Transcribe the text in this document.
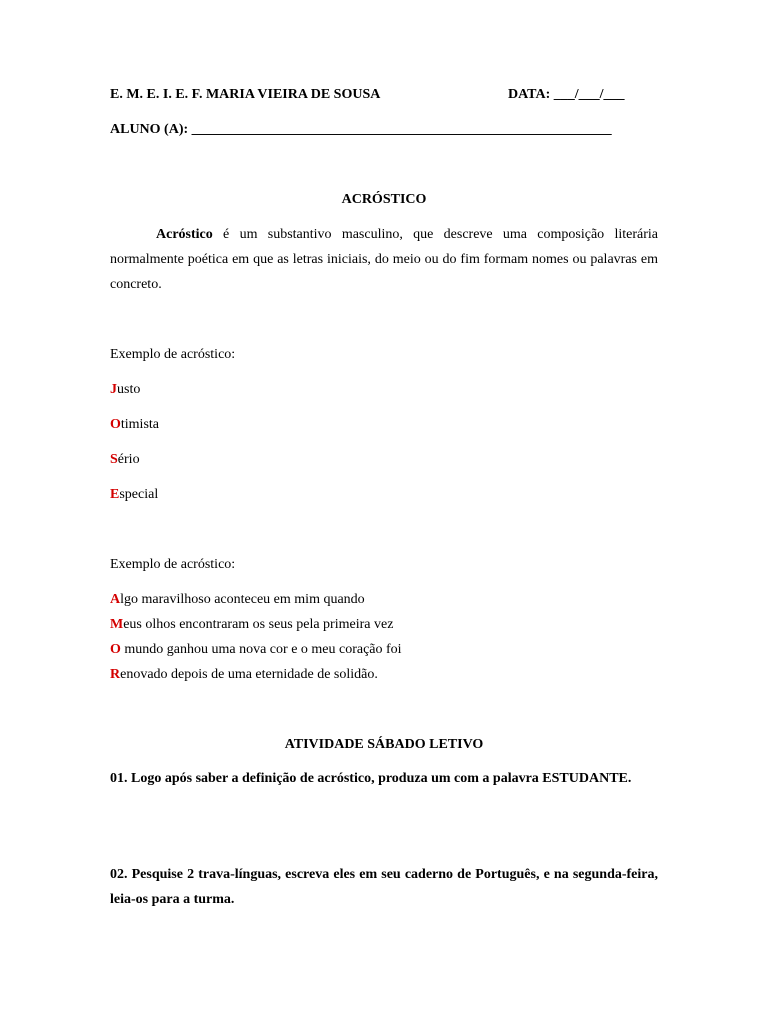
E. M. E. I. E. F. MARIA VIEIRA DE SOUSA	DATA: ___/___/___
ALUNO (A): ____________________________________________________________
ACRÓSTICO
Acróstico é um substantivo masculino, que descreve uma composição literária normalmente poética em que as letras iniciais, do meio ou do fim formam nomes ou palavras em concreto.
Exemplo de acróstico:
Justo
Otimista
Sério
Especial
Exemplo de acróstico:
Algo maravilhoso aconteceu em mim quando
Meus olhos encontraram os seus pela primeira vez
O mundo ganhou uma nova cor e o meu coração foi
Renovado depois de uma eternidade de solidão.
ATIVIDADE SÁBADO LETIVO
01. Logo após saber a definição de acróstico, produza um com a palavra ESTUDANTE.
02. Pesquise 2 trava-línguas, escreva eles em seu caderno de Português, e na segunda-feira, leia-os para a turma.
